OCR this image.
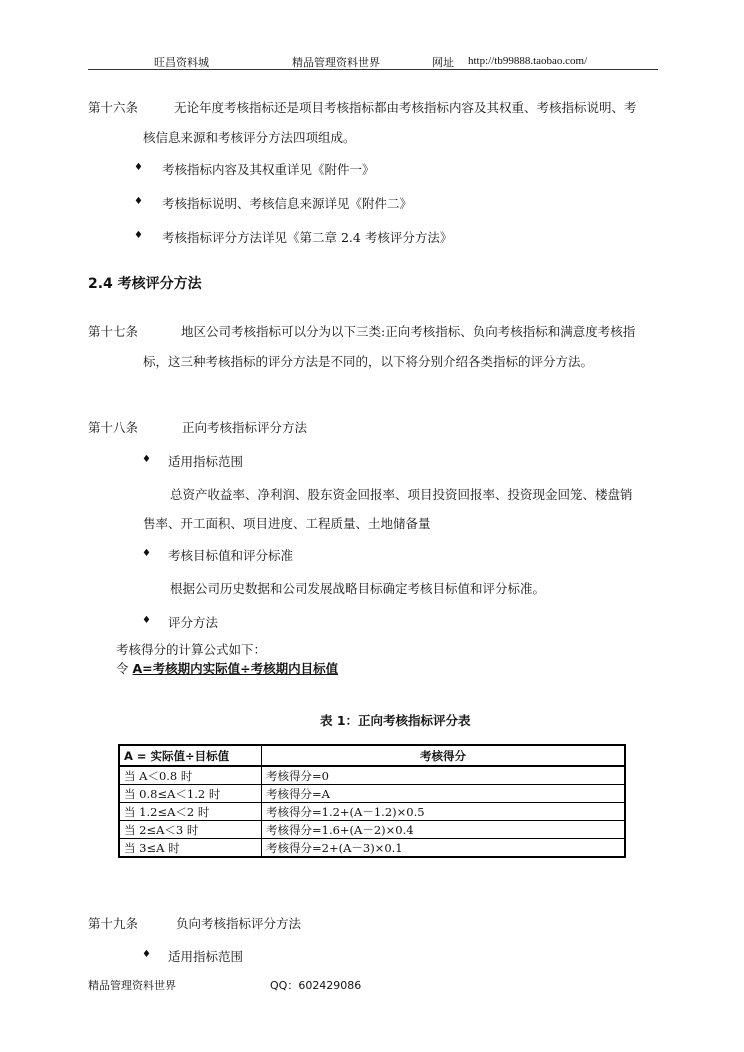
旺昌资料城	精品管理资料世界	网址 http://tb99888.taobao.com/
第十六条	无论年度考核指标还是项目考核指标都由考核指标内容及其权重、考核指标说明、考
核信息来源和考核评分方法四项组成。
♦ 考核指标内容及其权重详见《附件一》
♦ 考核指标说明、考核信息来源详见《附件二》
♦ 考核指标评分方法详见《第二章 2.4 考核评分方法》
2.4 考核评分方法
第十七条	地区公司考核指标可以分为以下三类:正向考核指标、负向考核指标和满意度考核指
标，这三种考核指标的评分方法是不同的，以下将分别介绍各类指标的评分方法。
第十八条	正向考核指标评分方法
♦ 适用指标范围
总资产收益率、净利润、股东资金回报率、项目投资回报率、投资现金回笼、楼盘销
售率、开工面积、项目进度、工程质量、土地储备量
♦ 考核目标值和评分标准
根据公司历史数据和公司发展战略目标确定考核目标值和评分标准。
♦ 评分方法
考核得分的计算公式如下：
令 A=考核期内实际值÷考核期内目标值
表 1：正向考核指标评分表
A = 实际值÷目标值	考核得分
当 A＜0.8 时	考核得分=0
当 0.8≤A＜1.2 时	考核得分=A
当 1.2≤A＜2 时	考核得分=1.2+(A－1.2)×0.5
当 2≤A＜3 时	考核得分=1.6+(A－2)×0.4
当 3≤A 时	考核得分=2+(A－3)×0.1
第十九条	负向考核指标评分方法
♦ 适用指标范围
精品管理资料世界	QQ：602429086
